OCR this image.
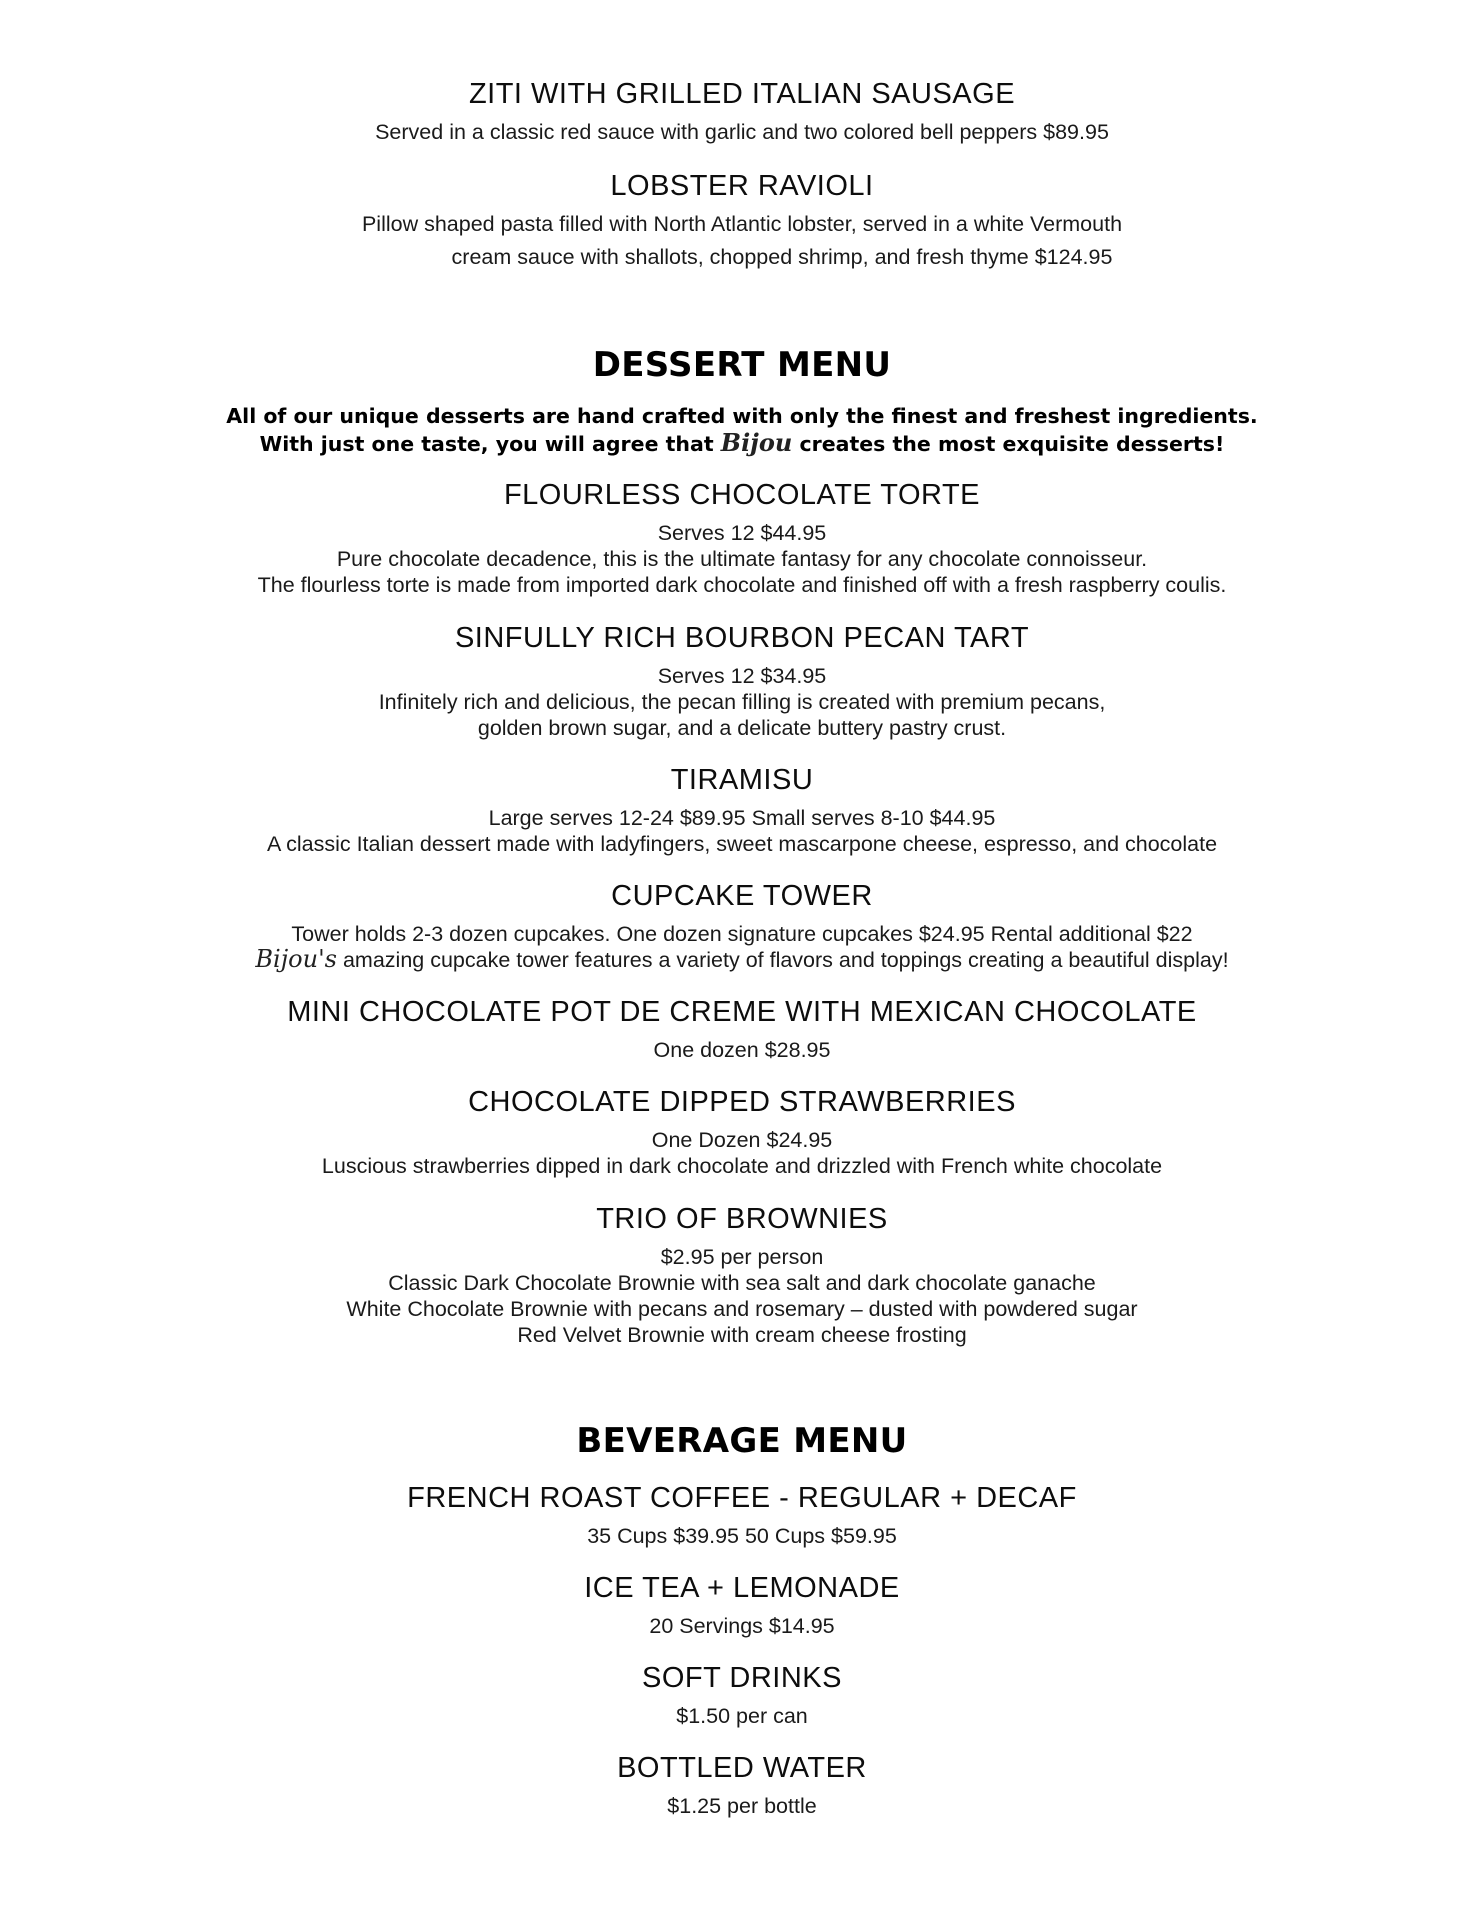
ZITI WITH GRILLED ITALIAN SAUSAGE
Served in a classic red sauce with garlic and two colored bell peppers $89.95
LOBSTER RAVIOLI
Pillow shaped pasta filled with North Atlantic lobster, served in a white Vermouth
cream sauce with shallots, chopped shrimp, and fresh thyme $124.95
DESSERT MENU
All of our unique desserts are hand crafted with only the finest and freshest ingredients.
With just one taste, you will agree that Bijou creates the most exquisite desserts!
FLOURLESS CHOCOLATE TORTE
Serves 12 $44.95
Pure chocolate decadence, this is the ultimate fantasy for any chocolate connoisseur.
The flourless torte is made from imported dark chocolate and finished off with a fresh raspberry coulis.
SINFULLY RICH BOURBON PECAN TART
Serves 12 $34.95
Infinitely rich and delicious, the pecan filling is created with premium pecans,
golden brown sugar, and a delicate buttery pastry crust.
TIRAMISU
Large serves 12-24 $89.95 Small serves 8-10 $44.95
A classic Italian dessert made with ladyfingers, sweet mascarpone cheese, espresso, and chocolate
CUPCAKE TOWER
Tower holds 2-3 dozen cupcakes. One dozen signature cupcakes $24.95 Rental additional $22
Bijou's amazing cupcake tower features a variety of flavors and toppings creating a beautiful display!
MINI CHOCOLATE POT DE CREME WITH MEXICAN CHOCOLATE
One dozen $28.95
CHOCOLATE DIPPED STRAWBERRIES
One Dozen $24.95
Luscious strawberries dipped in dark chocolate and drizzled with French white chocolate
TRIO OF BROWNIES
$2.95 per person
Classic Dark Chocolate Brownie with sea salt and dark chocolate ganache
White Chocolate Brownie with pecans and rosemary – dusted with powdered sugar
Red Velvet Brownie with cream cheese frosting
BEVERAGE MENU
FRENCH ROAST COFFEE - REGULAR + DECAF
35 Cups $39.95 50 Cups $59.95
ICE TEA + LEMONADE
20 Servings $14.95
SOFT DRINKS
$1.50 per can
BOTTLED WATER
$1.25 per bottle
